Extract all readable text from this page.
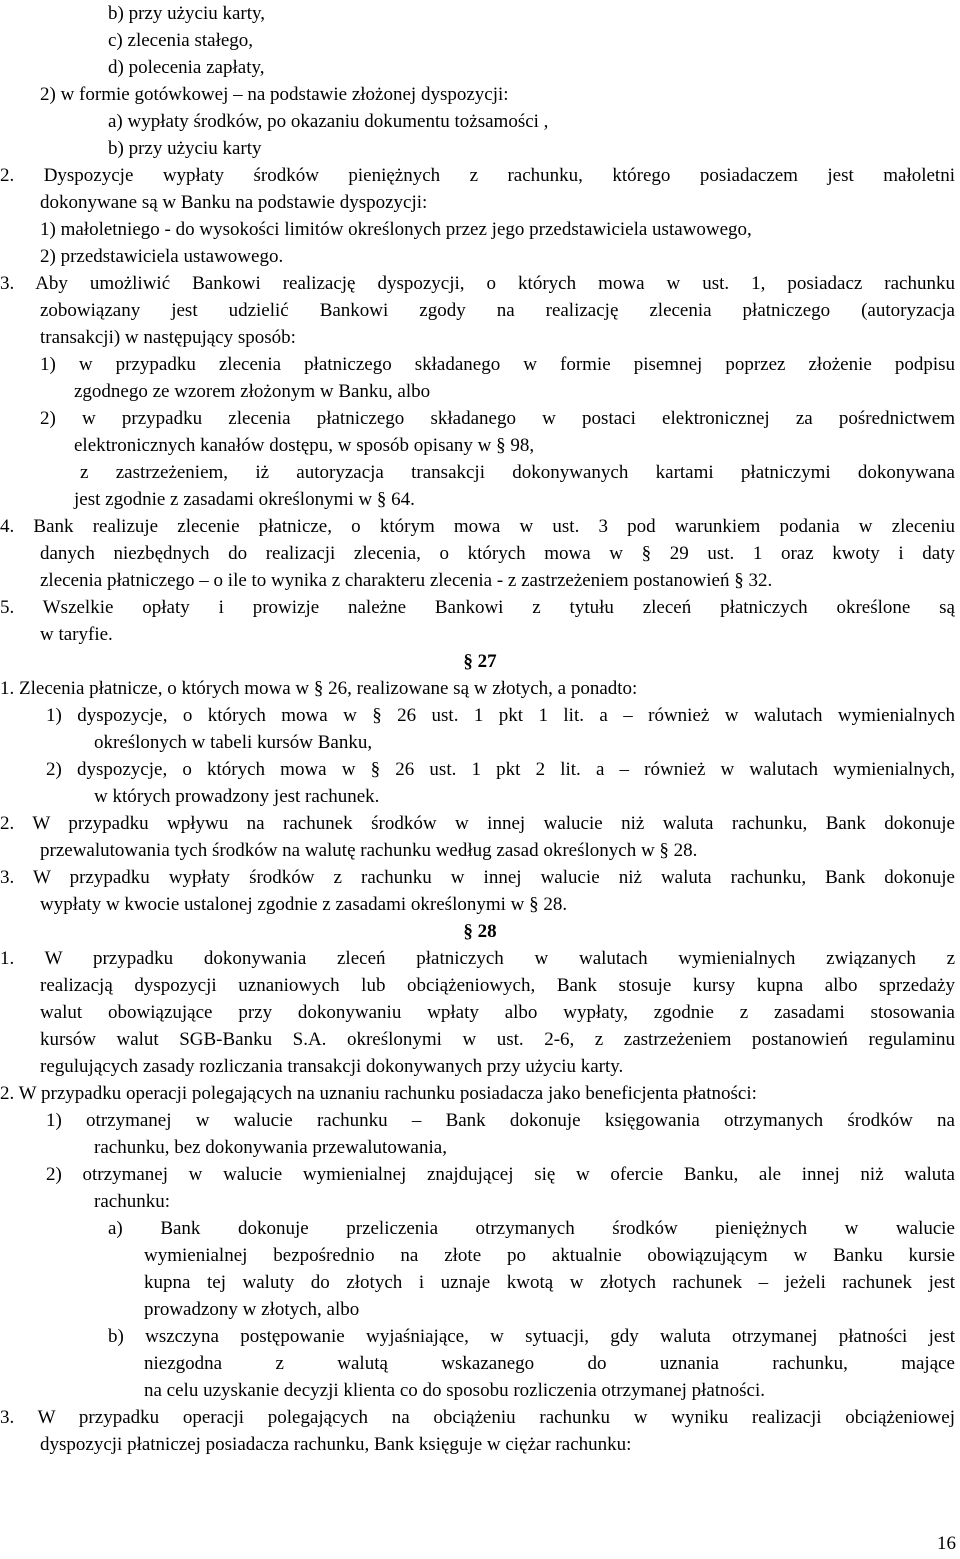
b) przy użyciu karty,
c) zlecenia stałego,
d) polecenia zapłaty,
2) w formie gotówkowej – na podstawie złożonej dyspozycji:
a) wypłaty środków, po okazaniu dokumentu tożsamości ,
b) przy użyciu karty
2. Dyspozycje wypłaty środków pieniężnych z rachunku, którego posiadaczem jest małoletni
dokonywane są w Banku na podstawie dyspozycji:
1) małoletniego - do wysokości limitów określonych przez jego przedstawiciela ustawowego,
2) przedstawiciela ustawowego.
3. Aby umożliwić Bankowi realizację dyspozycji, o których mowa w ust. 1, posiadacz rachunku
zobowiązany jest udzielić Bankowi zgody na realizację zlecenia płatniczego (autoryzacja
transakcji) w następujący sposób:
1) w przypadku zlecenia płatniczego składanego w formie pisemnej poprzez złożenie podpisu
zgodnego ze wzorem złożonym w Banku, albo
2) w przypadku zlecenia płatniczego składanego w postaci elektronicznej za pośrednictwem
elektronicznych kanałów dostępu, w sposób opisany w § 98,
z zastrzeżeniem, iż autoryzacja transakcji dokonywanych kartami płatniczymi dokonywana
jest zgodnie z zasadami określonymi w § 64.
4. Bank realizuje zlecenie płatnicze, o którym mowa w ust. 3 pod warunkiem podania w zleceniu
danych niezbędnych do realizacji zlecenia, o których mowa w § 29 ust. 1 oraz kwoty i daty
zlecenia płatniczego – o ile to wynika z charakteru zlecenia - z zastrzeżeniem postanowień § 32.
5. Wszelkie opłaty i prowizje należne Bankowi z tytułu zleceń płatniczych określone są
w taryfie.
§ 27
1. Zlecenia płatnicze, o których mowa w § 26, realizowane są w złotych, a ponadto:
1) dyspozycje, o których mowa w § 26 ust. 1 pkt 1 lit. a – również w walutach wymienialnych
określonych w tabeli kursów Banku,
2) dyspozycje, o których mowa w § 26 ust. 1 pkt 2 lit. a – również w walutach wymienialnych,
w których prowadzony jest rachunek.
2. W przypadku wpływu na rachunek środków w innej walucie niż waluta rachunku, Bank dokonuje
przewalutowania tych środków na walutę rachunku według zasad określonych w § 28.
3. W przypadku wypłaty środków z rachunku w innej walucie niż waluta rachunku, Bank dokonuje
wypłaty w kwocie ustalonej zgodnie z zasadami określonymi w § 28.
§ 28
1. W przypadku dokonywania zleceń płatniczych w walutach wymienialnych związanych z
realizacją dyspozycji uznaniowych lub obciążeniowych, Bank stosuje kursy kupna albo sprzedaży
walut obowiązujące przy dokonywaniu wpłaty albo wypłaty, zgodnie z zasadami stosowania
kursów walut SGB-Banku S.A. określonymi w ust. 2-6, z zastrzeżeniem postanowień regulaminu
regulujących zasady rozliczania transakcji dokonywanych przy użyciu karty.
2. W przypadku operacji polegających na uznaniu rachunku posiadacza jako beneficjenta płatności:
1) otrzymanej w walucie rachunku – Bank dokonuje księgowania otrzymanych środków na
rachunku, bez dokonywania przewalutowania,
2) otrzymanej w walucie wymienialnej znajdującej się w ofercie Banku, ale innej niż waluta
rachunku:
a) Bank dokonuje przeliczenia otrzymanych środków pieniężnych w walucie
wymienialnej bezpośrednio na złote po aktualnie obowiązującym w Banku kursie
kupna tej waluty do złotych i uznaje kwotą w złotych rachunek – jeżeli rachunek jest
prowadzony w złotych, albo
b) wszczyna postępowanie wyjaśniające, w sytuacji, gdy waluta otrzymanej płatności jest
niezgodna z walutą wskazanego do uznania rachunku, mające
na celu uzyskanie decyzji klienta co do sposobu rozliczenia otrzymanej płatności.
3. W przypadku operacji polegających na obciążeniu rachunku w wyniku realizacji obciążeniowej
dyspozycji płatniczej posiadacza rachunku, Bank księguje w ciężar rachunku:
16
